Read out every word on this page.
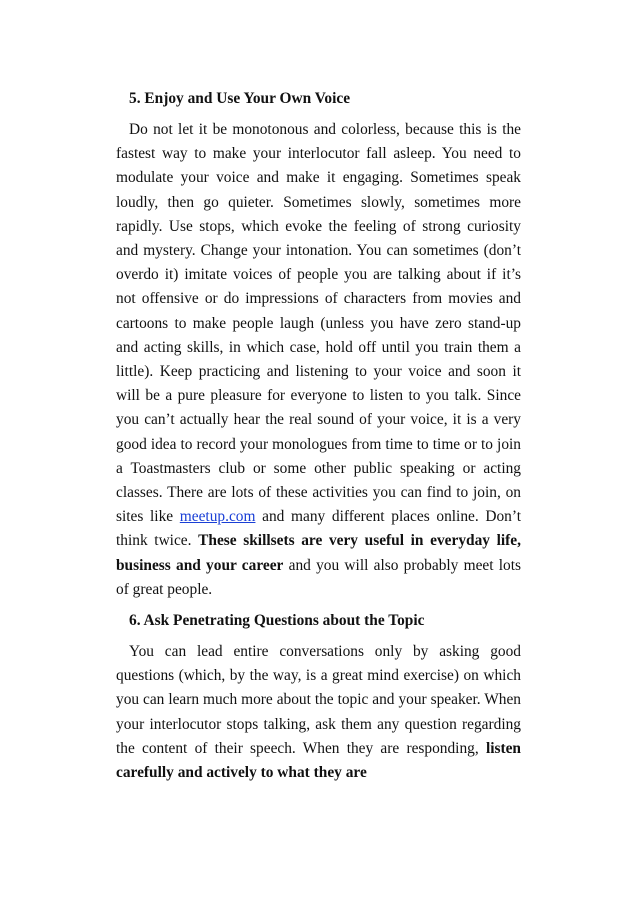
5. Enjoy and Use Your Own Voice

Do not let it be monotonous and colorless, because this is the fastest way to make your interlocutor fall asleep. You need to modulate your voice and make it engaging. Sometimes speak loudly, then go quieter. Sometimes slowly, sometimes more rapidly. Use stops, which evoke the feeling of strong curiosity and mystery. Change your intonation. You can sometimes (don’t overdo it) imitate voices of people you are talking about if it’s not offensive or do impressions of characters from movies and cartoons to make people laugh (unless you have zero stand-up and acting skills, in which case, hold off until you train them a little). Keep practicing and listening to your voice and soon it will be a pure pleasure for everyone to listen to you talk. Since you can’t actually hear the real sound of your voice, it is a very good idea to record your monologues from time to time or to join a Toastmasters club or some other public speaking or acting classes. There are lots of these activities you can find to join, on sites like meetup.com and many different places online. Don’t think twice. These skillsets are very useful in everyday life, business and your career and you will also probably meet lots of great people.

6. Ask Penetrating Questions about the Topic

You can lead entire conversations only by asking good questions (which, by the way, is a great mind exercise) on which you can learn much more about the topic and your speaker. When your interlocutor stops talking, ask them any question regarding the content of their speech. When they are responding, listen carefully and actively to what they are
